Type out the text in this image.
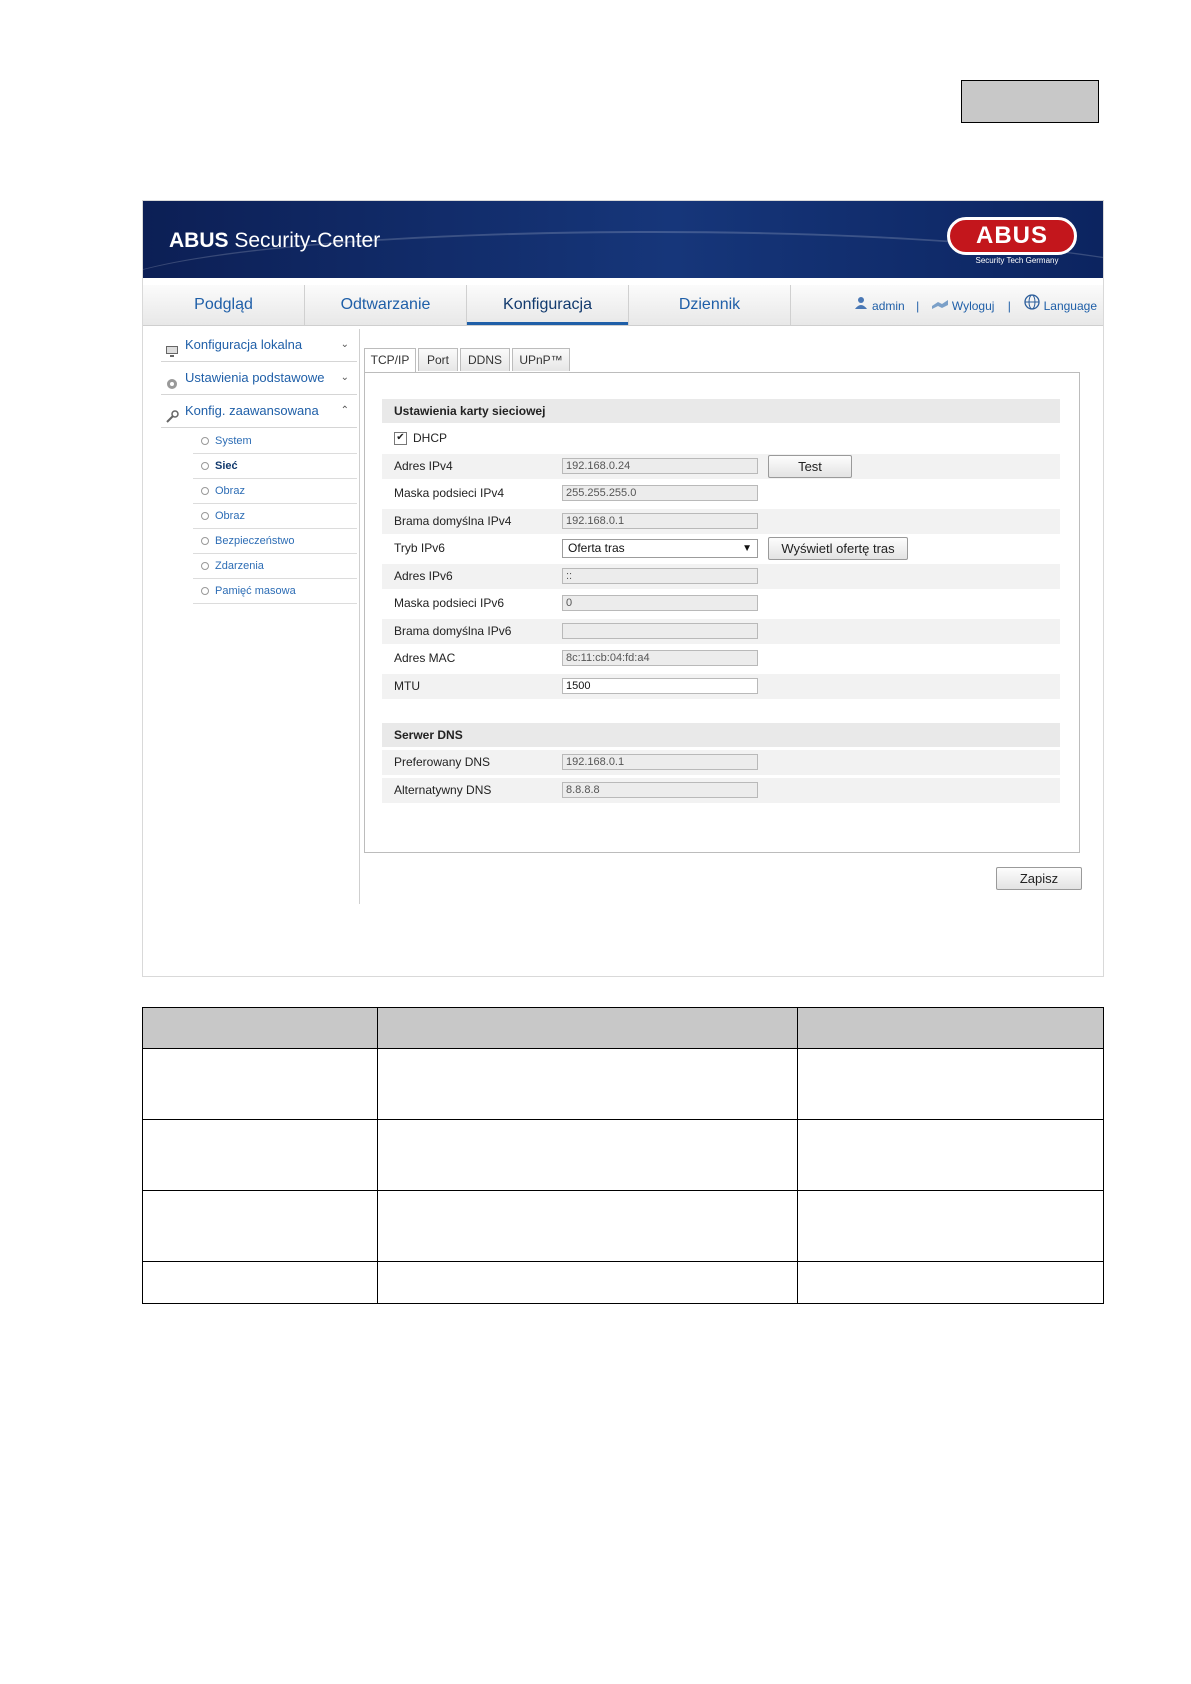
ABUS Security-Center	ABUS
Security Tech Germany
Podgląd	Odtwarzanie	Konfiguracja	Dziennik	admin |	Wyloguj |	Language
Konfiguracja lokalna	⌄
Ustawienia podstawowe ⌄
Konfig. zaawansowana ⌃
System
Sieć
Obraz
Obraz
Bezpieczeństwo
Zdarzenia
Pamięć masowa
TCP/IP	Port	DDNS	UPnP™
Ustawienia karty sieciowej
✔ DHCP
Adres IPv4	192.168.0.24	Test
Maska podsieci IPv4	255.255.255.0
Brama domyślna IPv4	192.168.0.1
Tryb IPv6	Oferta tras	▼	Wyświetl ofertę tras
Adres IPv6	::
Maska podsieci IPv6	0
Brama domyślna IPv6
Adres MAC	8c:11:cb:04:fd:a4
MTU	1500
Serwer DNS
Preferowany DNS	192.168.0.1
Alternatywny DNS	8.8.8.8
Zapisz
